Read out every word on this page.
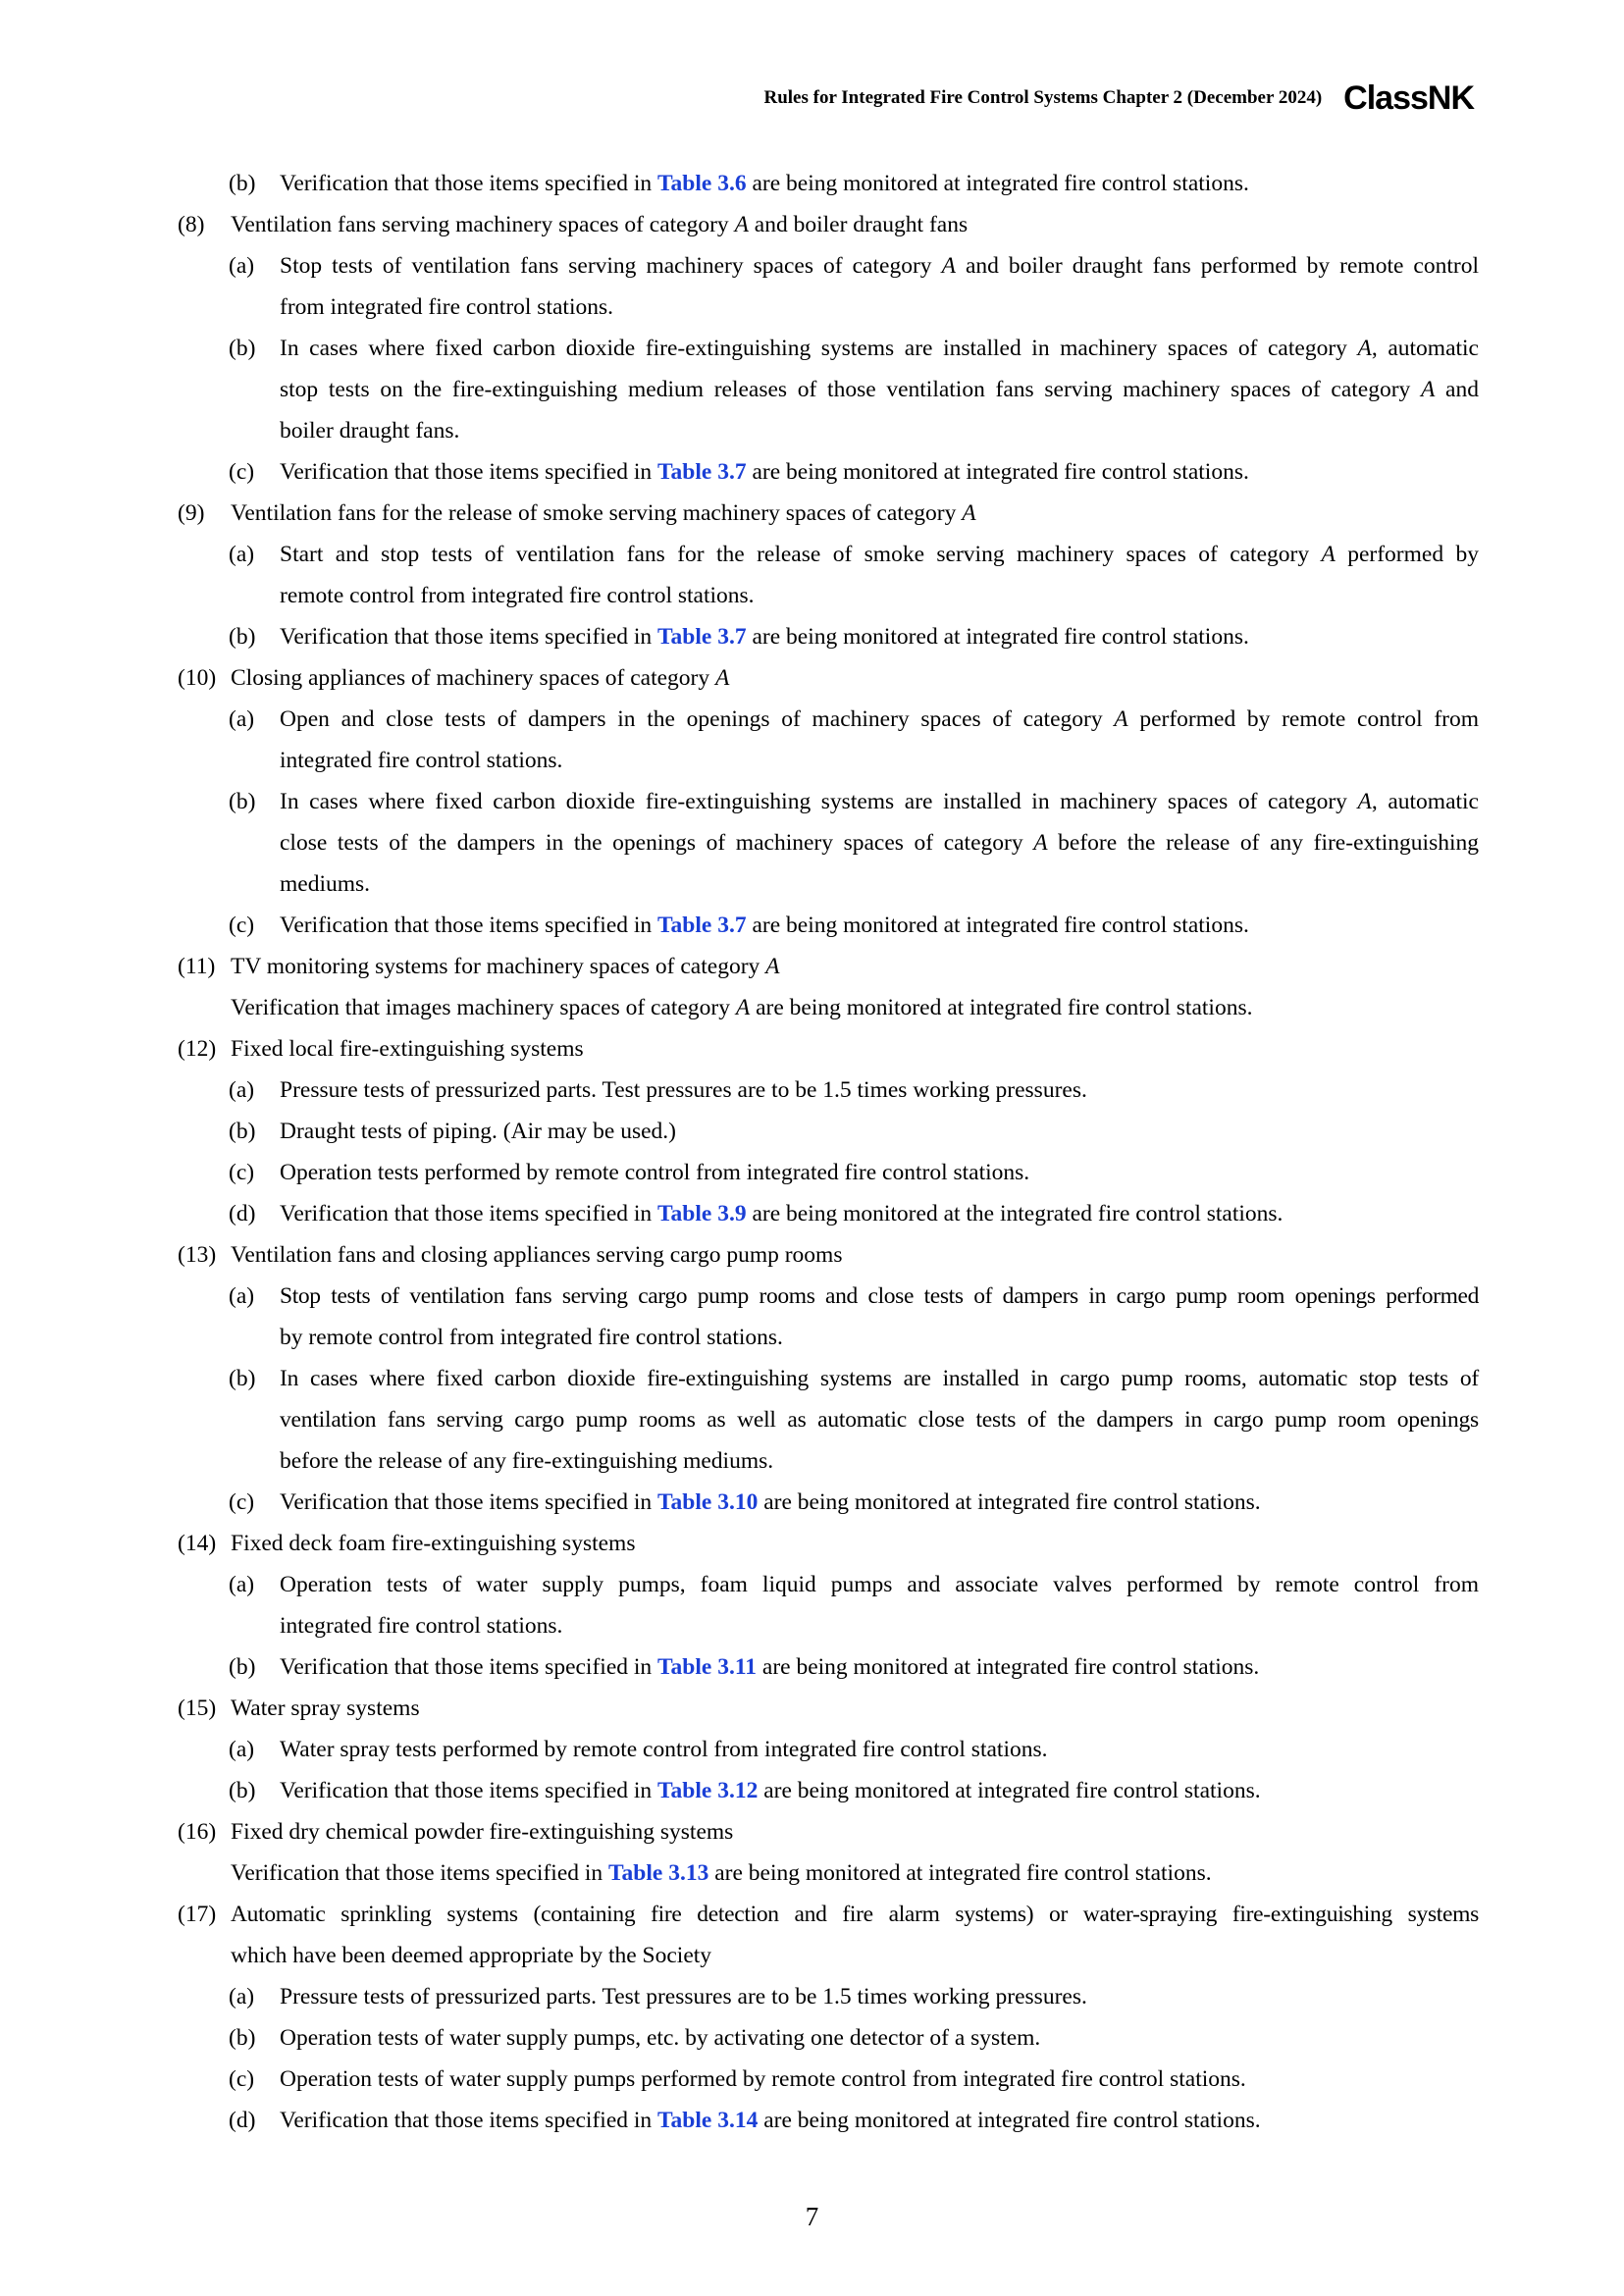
Rules for Integrated Fire Control Systems Chapter 2 (December 2024) ClassNK
(b) Verification that those items specified in Table 3.6 are being monitored at integrated fire control stations.
(8) Ventilation fans serving machinery spaces of category A and boiler draught fans
(a) Stop tests of ventilation fans serving machinery spaces of category A and boiler draught fans performed by remote control
from integrated fire control stations.
(b) In cases where fixed carbon dioxide fire-extinguishing systems are installed in machinery spaces of category A, automatic
stop tests on the fire-extinguishing medium releases of those ventilation fans serving machinery spaces of category A and
boiler draught fans.
(c) Verification that those items specified in Table 3.7 are being monitored at integrated fire control stations.
(9) Ventilation fans for the release of smoke serving machinery spaces of category A
(a) Start and stop tests of ventilation fans for the release of smoke serving machinery spaces of category A performed by
remote control from integrated fire control stations.
(b) Verification that those items specified in Table 3.7 are being monitored at integrated fire control stations.
(10) Closing appliances of machinery spaces of category A
(a) Open and close tests of dampers in the openings of machinery spaces of category A performed by remote control from
integrated fire control stations.
(b) In cases where fixed carbon dioxide fire-extinguishing systems are installed in machinery spaces of category A, automatic
close tests of the dampers in the openings of machinery spaces of category A before the release of any fire-extinguishing
mediums.
(c) Verification that those items specified in Table 3.7 are being monitored at integrated fire control stations.
(11) TV monitoring systems for machinery spaces of category A
Verification that images machinery spaces of category A are being monitored at integrated fire control stations.
(12) Fixed local fire-extinguishing systems
(a) Pressure tests of pressurized parts. Test pressures are to be 1.5 times working pressures.
(b) Draught tests of piping. (Air may be used.)
(c) Operation tests performed by remote control from integrated fire control stations.
(d) Verification that those items specified in Table 3.9 are being monitored at the integrated fire control stations.
(13) Ventilation fans and closing appliances serving cargo pump rooms
(a) Stop tests of ventilation fans serving cargo pump rooms and close tests of dampers in cargo pump room openings performed
by remote control from integrated fire control stations.
(b) In cases where fixed carbon dioxide fire-extinguishing systems are installed in cargo pump rooms, automatic stop tests of
ventilation fans serving cargo pump rooms as well as automatic close tests of the dampers in cargo pump room openings
before the release of any fire-extinguishing mediums.
(c) Verification that those items specified in Table 3.10 are being monitored at integrated fire control stations.
(14) Fixed deck foam fire-extinguishing systems
(a) Operation tests of water supply pumps, foam liquid pumps and associate valves performed by remote control from
integrated fire control stations.
(b) Verification that those items specified in Table 3.11 are being monitored at integrated fire control stations.
(15) Water spray systems
(a) Water spray tests performed by remote control from integrated fire control stations.
(b) Verification that those items specified in Table 3.12 are being monitored at integrated fire control stations.
(16) Fixed dry chemical powder fire-extinguishing systems
Verification that those items specified in Table 3.13 are being monitored at integrated fire control stations.
(17) Automatic sprinkling systems (containing fire detection and fire alarm systems) or water-spraying fire-extinguishing systems
which have been deemed appropriate by the Society
(a) Pressure tests of pressurized parts. Test pressures are to be 1.5 times working pressures.
(b) Operation tests of water supply pumps, etc. by activating one detector of a system.
(c) Operation tests of water supply pumps performed by remote control from integrated fire control stations.
(d) Verification that those items specified in Table 3.14 are being monitored at integrated fire control stations.
7
